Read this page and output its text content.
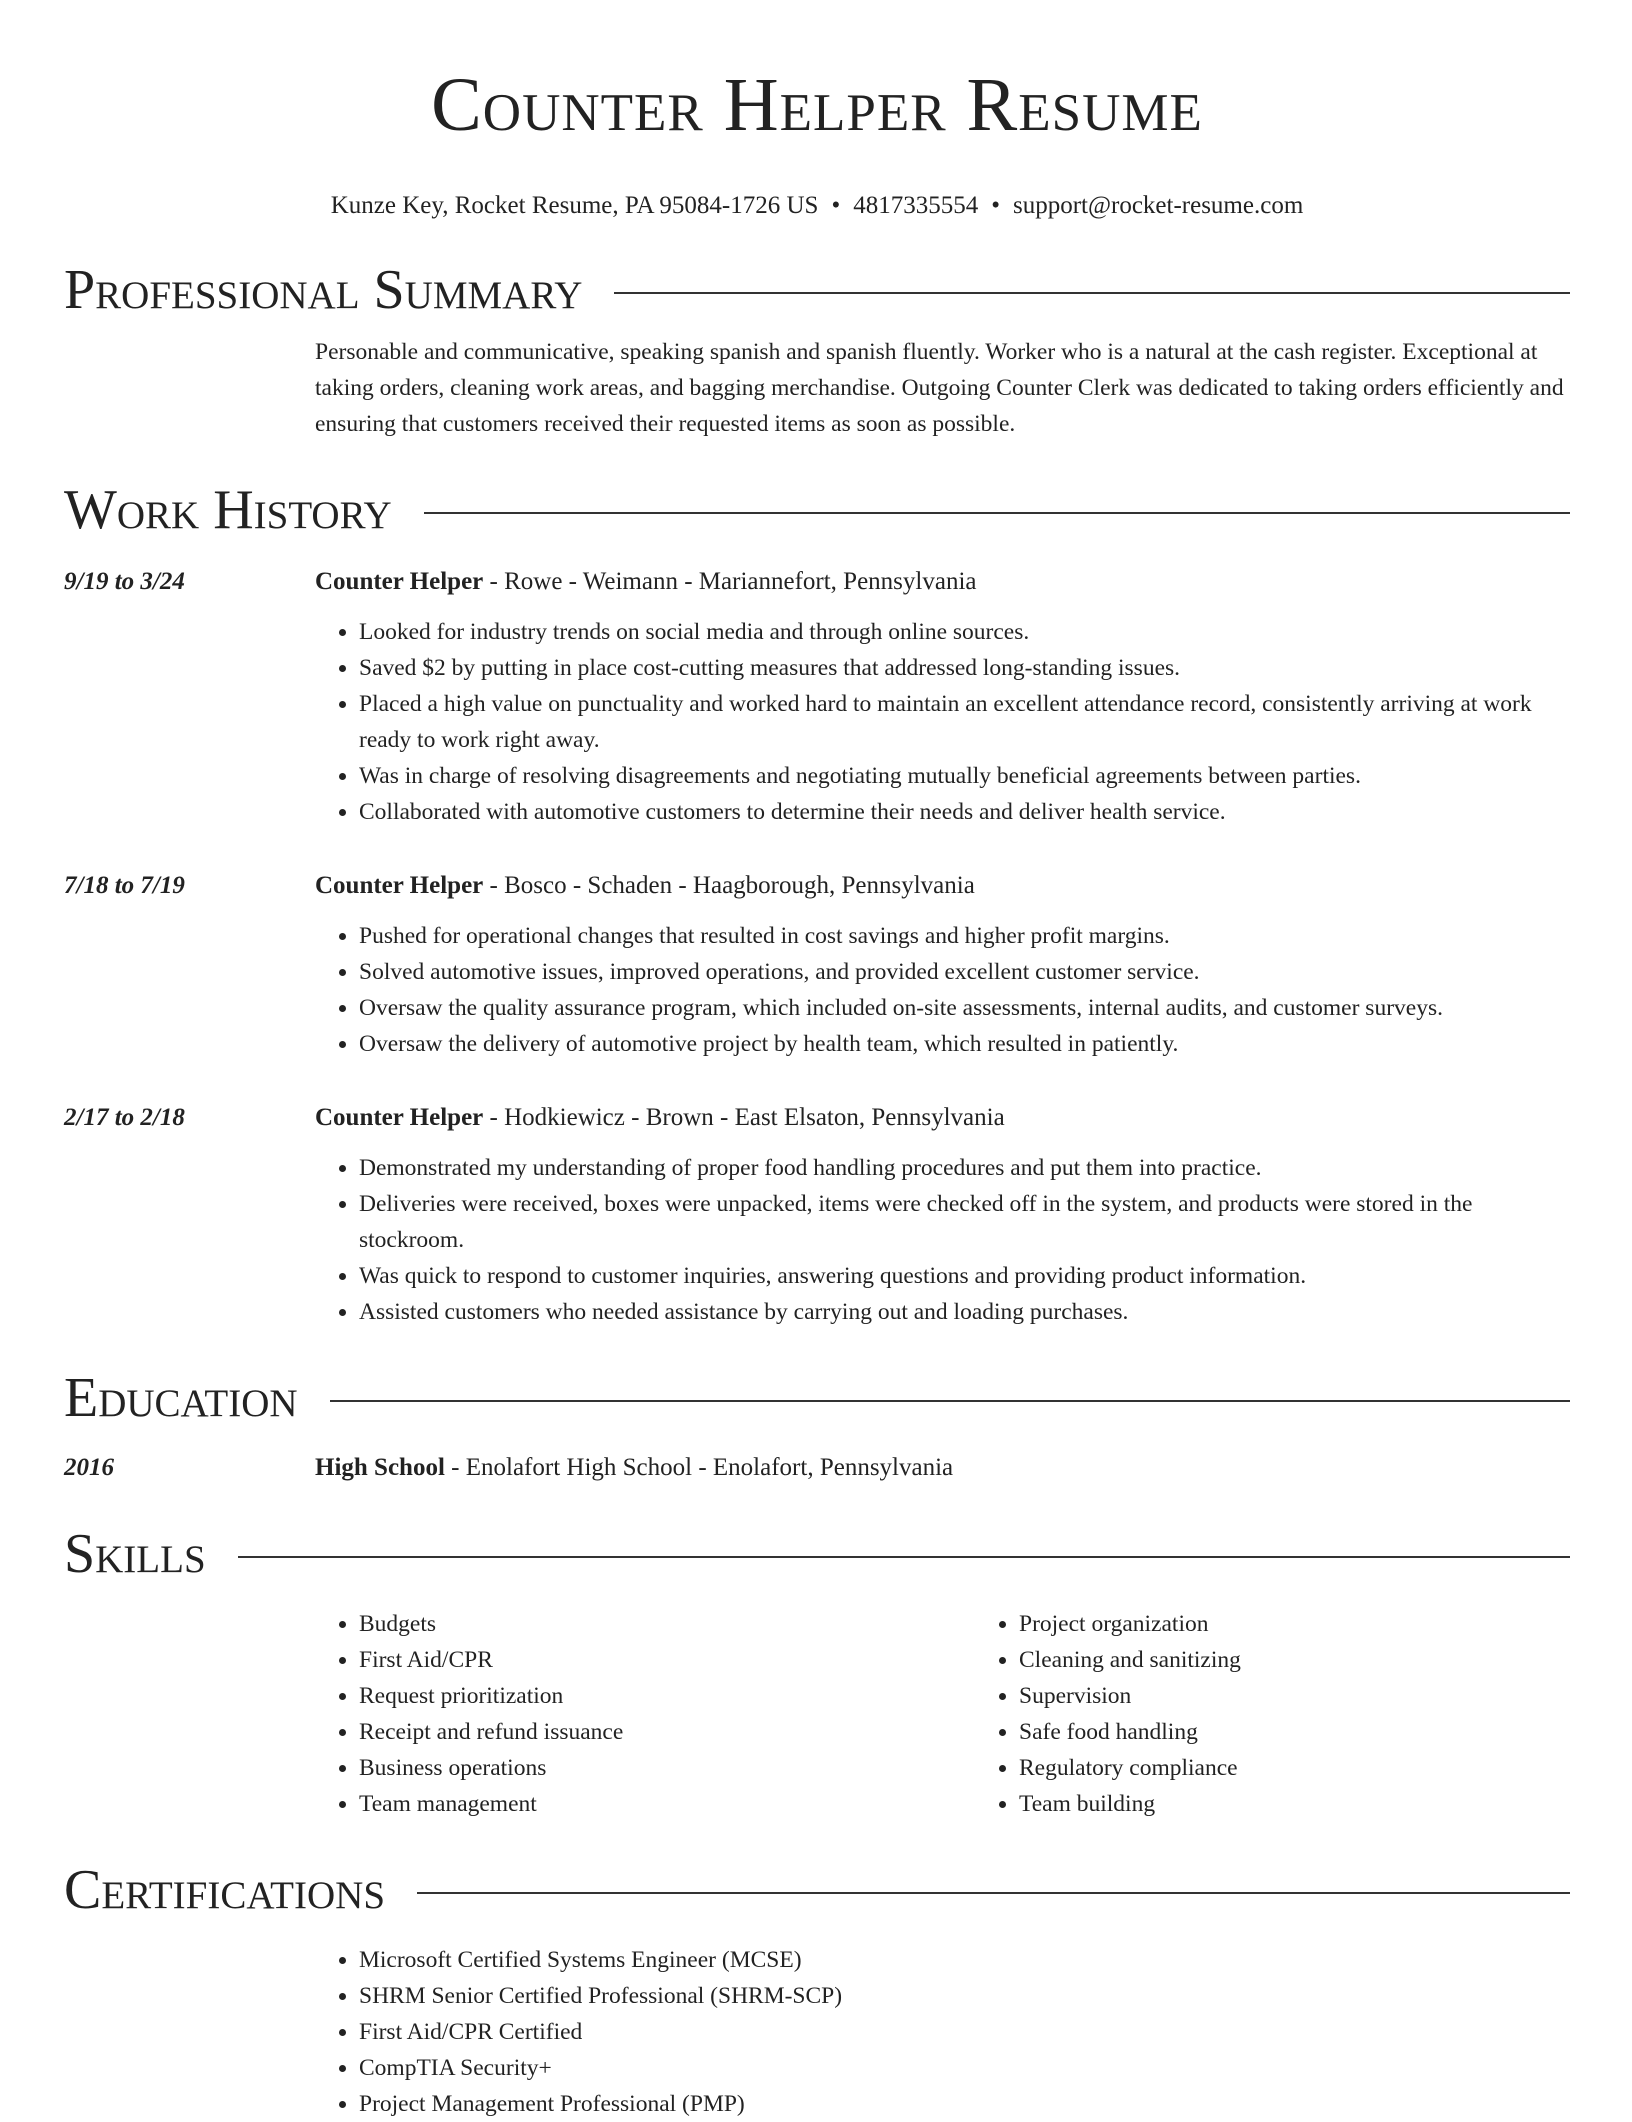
Counter Helper Resume
Kunze Key, Rocket Resume, PA 95084-1726 US • 4817335554 • support@rocket-resume.com
Professional Summary
Personable and communicative, speaking spanish and spanish fluently. Worker who is a natural at the cash register. Exceptional at taking orders, cleaning work areas, and bagging merchandise. Outgoing Counter Clerk was dedicated to taking orders efficiently and ensuring that customers received their requested items as soon as possible.
Work History
9/19 to 3/24	Counter Helper - Rowe - Weimann - Mariannefort, Pennsylvania
• Looked for industry trends on social media and through online sources.
• Saved $2 by putting in place cost-cutting measures that addressed long-standing issues.
• Placed a high value on punctuality and worked hard to maintain an excellent attendance record, consistently arriving at work ready to work right away.
• Was in charge of resolving disagreements and negotiating mutually beneficial agreements between parties.
• Collaborated with automotive customers to determine their needs and deliver health service.
7/18 to 7/19	Counter Helper - Bosco - Schaden - Haagborough, Pennsylvania
• Pushed for operational changes that resulted in cost savings and higher profit margins.
• Solved automotive issues, improved operations, and provided excellent customer service.
• Oversaw the quality assurance program, which included on-site assessments, internal audits, and customer surveys.
• Oversaw the delivery of automotive project by health team, which resulted in patiently.
2/17 to 2/18	Counter Helper - Hodkiewicz - Brown - East Elsaton, Pennsylvania
• Demonstrated my understanding of proper food handling procedures and put them into practice.
• Deliveries were received, boxes were unpacked, items were checked off in the system, and products were stored in the stockroom.
• Was quick to respond to customer inquiries, answering questions and providing product information.
• Assisted customers who needed assistance by carrying out and loading purchases.
Education
2016	High School - Enolafort High School - Enolafort, Pennsylvania
Skills
• Budgets
• First Aid/CPR
• Request prioritization
• Receipt and refund issuance
• Business operations
• Team management
• Project organization
• Cleaning and sanitizing
• Supervision
• Safe food handling
• Regulatory compliance
• Team building
Certifications
• Microsoft Certified Systems Engineer (MCSE)
• SHRM Senior Certified Professional (SHRM-SCP)
• First Aid/CPR Certified
• CompTIA Security+
• Project Management Professional (PMP)
